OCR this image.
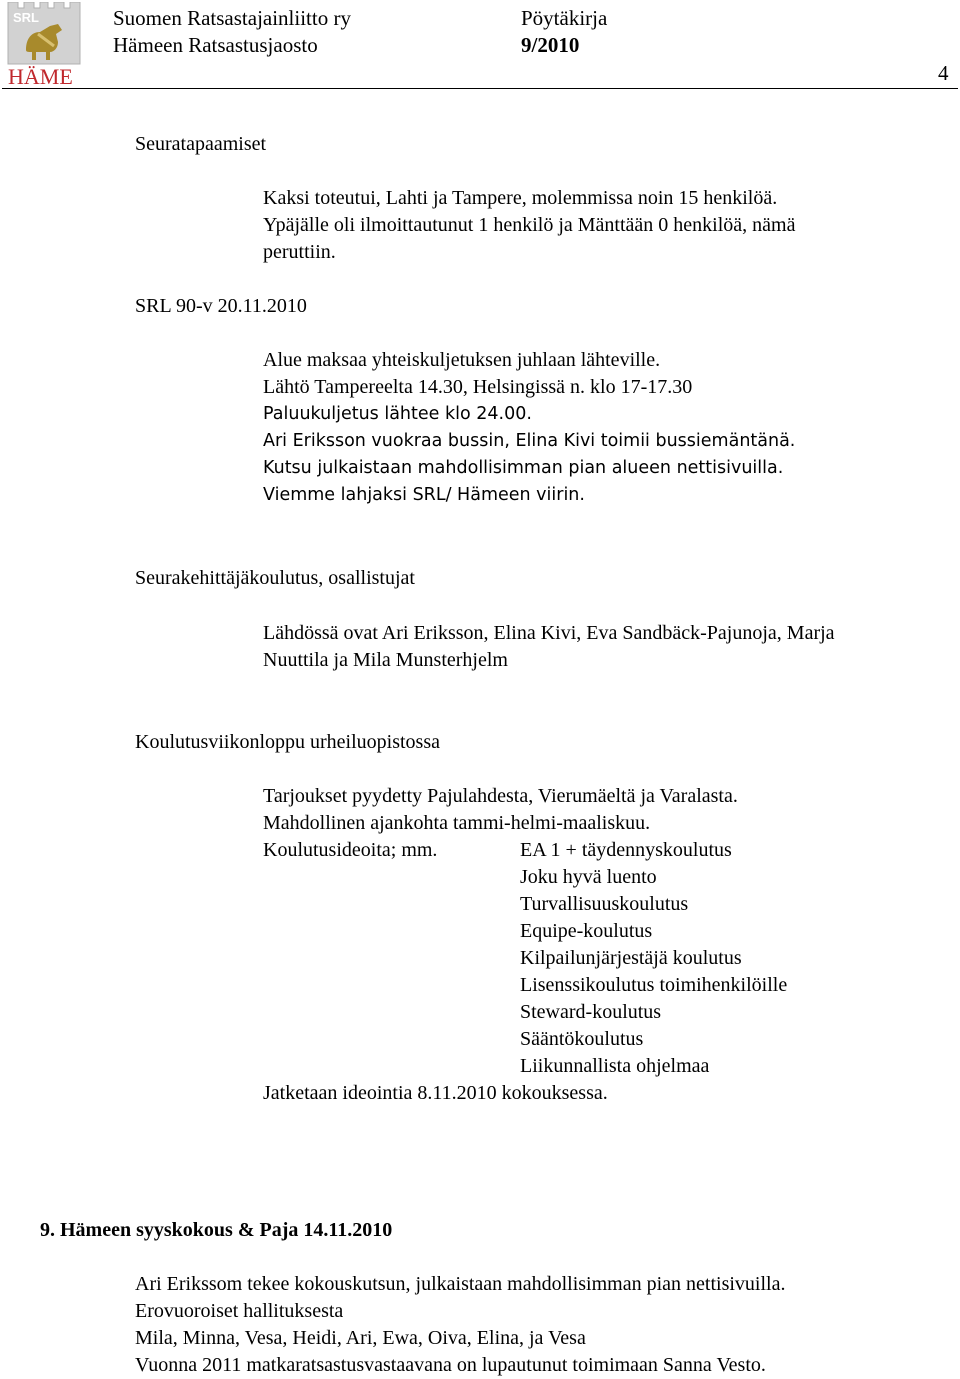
SRL
HÄME
Suomen Ratsastajainliitto ry
Hämeen Ratsastusjaosto
Pöytäkirja
9/2010
4
Seuratapaamiset
Kaksi toteutui, Lahti ja Tampere, molemmissa noin 15 henkilöä.
Ypäjälle oli ilmoittautunut 1 henkilö ja Mänttään 0 henkilöä, nämä
peruttiin.
SRL 90-v 20.11.2010
Alue maksaa yhteiskuljetuksen juhlaan lähteville.
Lähtö Tampereelta 14.30, Helsingissä n. klo 17-17.30
Paluukuljetus lähtee klo 24.00.
Ari Eriksson vuokraa bussin, Elina Kivi toimii bussiemäntänä.
Kutsu julkaistaan mahdollisimman pian alueen nettisivuilla.
Viemme lahjaksi SRL/ Hämeen viirin.
Seurakehittäjäkoulutus, osallistujat
Lähdössä ovat Ari Eriksson, Elina Kivi, Eva Sandbäck-Pajunoja, Marja
Nuuttila ja Mila Munsterhjelm
Koulutusviikonloppu urheiluopistossa
Tarjoukset pyydetty Pajulahdesta, Vierumäeltä ja Varalasta.
Mahdollinen ajankohta tammi-helmi-maaliskuu.
Koulutusideoita; mm.	EA 1 + täydennyskoulutus
Joku hyvä luento
Turvallisuuskoulutus
Equipe-koulutus
Kilpailunjärjestäjä koulutus
Lisenssikoulutus toimihenkilöille
Steward-koulutus
Sääntökoulutus
Liikunnallista ohjelmaa
Jatketaan ideointia 8.11.2010 kokouksessa.
9. Hämeen syyskokous & Paja 14.11.2010
Ari Erikssom tekee kokouskutsun, julkaistaan mahdollisimman pian nettisivuilla.
Erovuoroiset hallituksesta
Mila, Minna, Vesa, Heidi, Ari, Ewa, Oiva, Elina, ja Vesa
Vuonna 2011 matkaratsastusvastaavana on lupautunut toimimaan Sanna Vesto.
